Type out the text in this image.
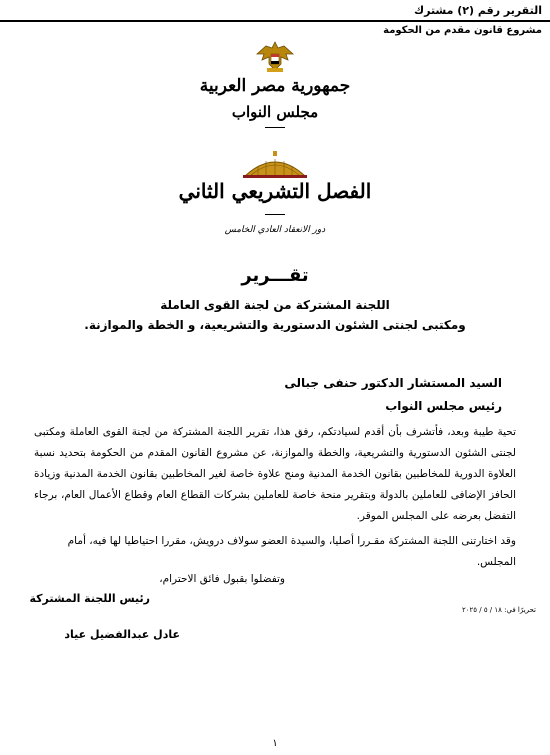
التقرير رقم (٢) مشترك
مشروع قانون مقدم من الحكومة
جمهورية مصر العربية
مجلس النواب
الفصل التشريعي الثاني
دور الانعقاد العادي الخامس
تقـــرير
اللجنة المشتركة من لجنة القوى العاملة
ومكتبى لجنتى الشئون الدستورية والتشريعية، و الخطة والموازنة.
السيد المستشار الدكتور حنفى جبالى
رئيس مجلس النواب
تحية طيبة وبعد، فأتشرف بأن أقدم لسيادتكم، رفق هذا، تقرير اللجنة المشتركة من لجنة القوى العاملة ومكتبى لجنتى الشئون الدستورية والتشريعية، والخطة والموازنة، عن مشروع القانون المقدم من الحكومة بتحديد نسبة العلاوة الدورية للمخاطبين بقانون الخدمة المدنية ومنح علاوة خاصة لغير المخاطبين بقانون الخدمة المدنية وزيادة الحافز الإضافى للعاملين بالدولة وبتقرير منحة خاصة للعاملين بشركات القطاع العام وقطاع الأعمال العام، برجاء التفضل بعرضه على المجلس الموقر.
وقد اختارتنى اللجنة المشتركة مقـررا أصليا، والسيدة العضو سولاف درويش، مقررا احتياطيا لها فيه، أمام المجلس.
وتفضلوا بقبول فائق الاحترام،
رئيس اللجنة المشتركة
تحريرًا في: ١٨ / ٥ / ٢٠٢٥
عادل عبدالفضيل عياد
١
